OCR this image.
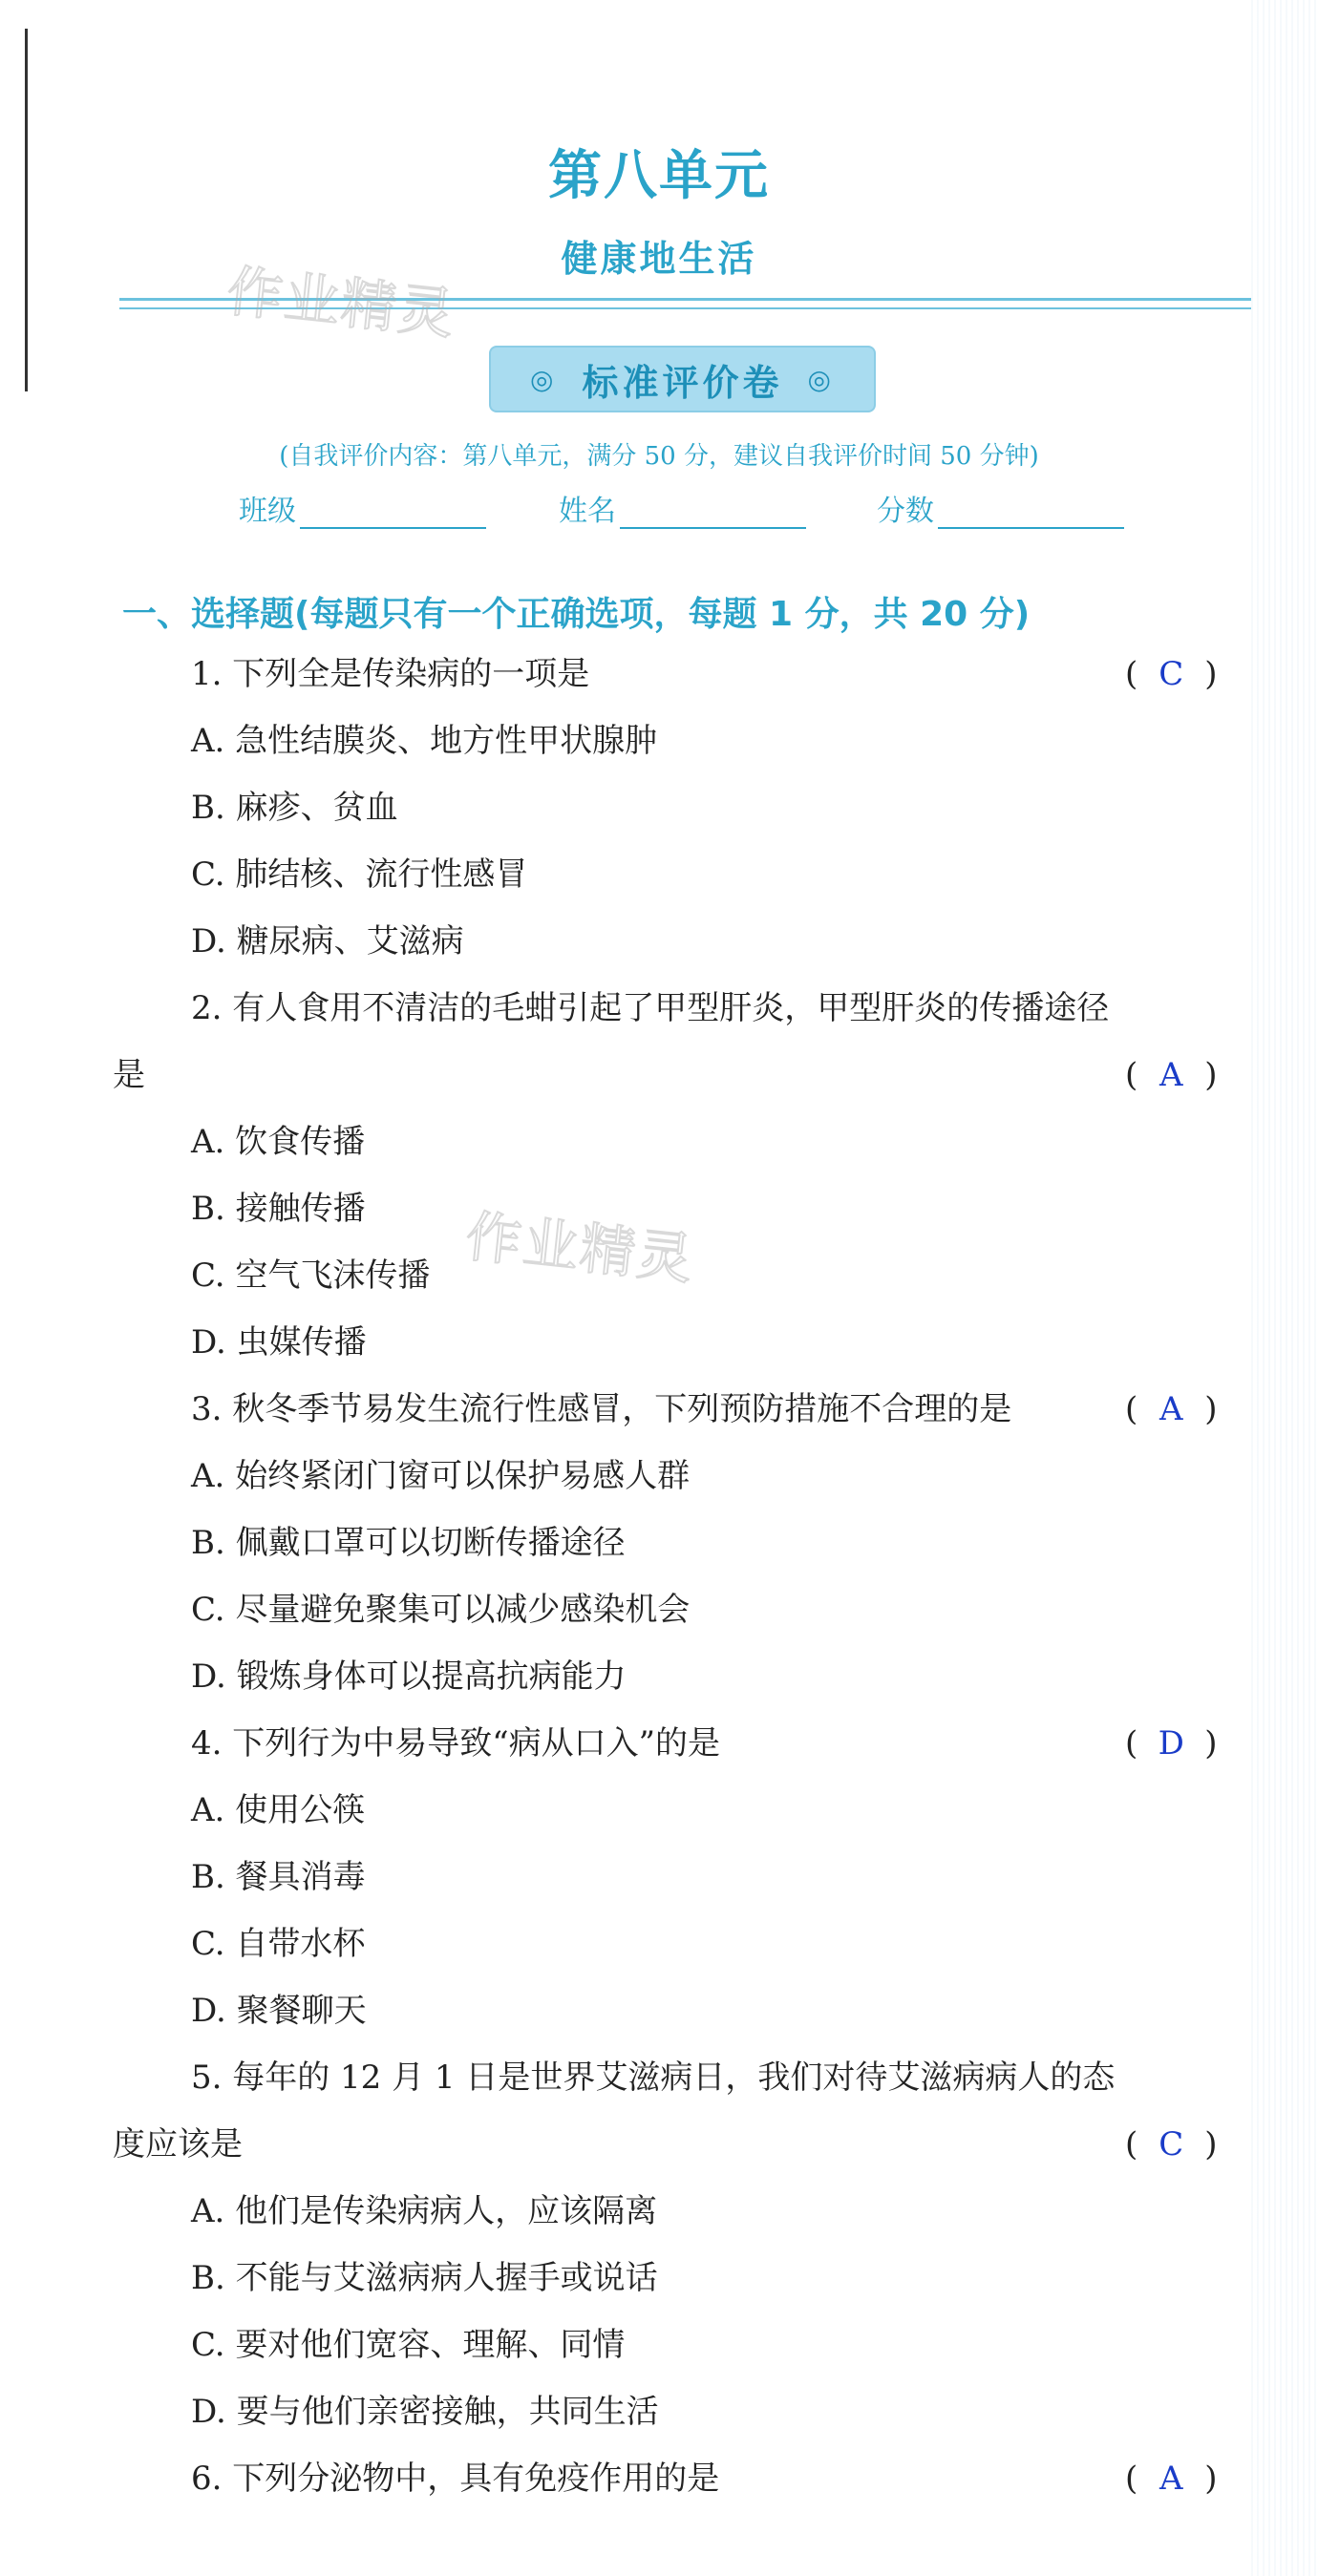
第八单元
健康地生活
作业精灵
作业精灵
◎ 标准评价卷 ◎
(自我评价内容：第八单元，满分 50 分，建议自我评价时间 50 分钟)
班级	姓名	分数
一、选择题(每题只有一个正确选项，每题 1 分，共 20 分)
1. 下列全是传染病的一项是	( C )
A. 急性结膜炎、地方性甲状腺肿
B. 麻疹、贫血
C. 肺结核、流行性感冒
D. 糖尿病、艾滋病
2. 有人食用不清洁的毛蚶引起了甲型肝炎，甲型肝炎的传播途径
是	( A )
A. 饮食传播
B. 接触传播
C. 空气飞沫传播
D. 虫媒传播
3. 秋冬季节易发生流行性感冒，下列预防措施不合理的是	( A )
A. 始终紧闭门窗可以保护易感人群
B. 佩戴口罩可以切断传播途径
C. 尽量避免聚集可以减少感染机会
D. 锻炼身体可以提高抗病能力
4. 下列行为中易导致“病从口入”的是	( D )
A. 使用公筷
B. 餐具消毒
C. 自带水杯
D. 聚餐聊天
5. 每年的 12 月 1 日是世界艾滋病日，我们对待艾滋病病人的态
度应该是	( C )
A. 他们是传染病病人，应该隔离
B. 不能与艾滋病病人握手或说话
C. 要对他们宽容、理解、同情
D. 要与他们亲密接触，共同生活
6. 下列分泌物中，具有免疫作用的是	( A )
